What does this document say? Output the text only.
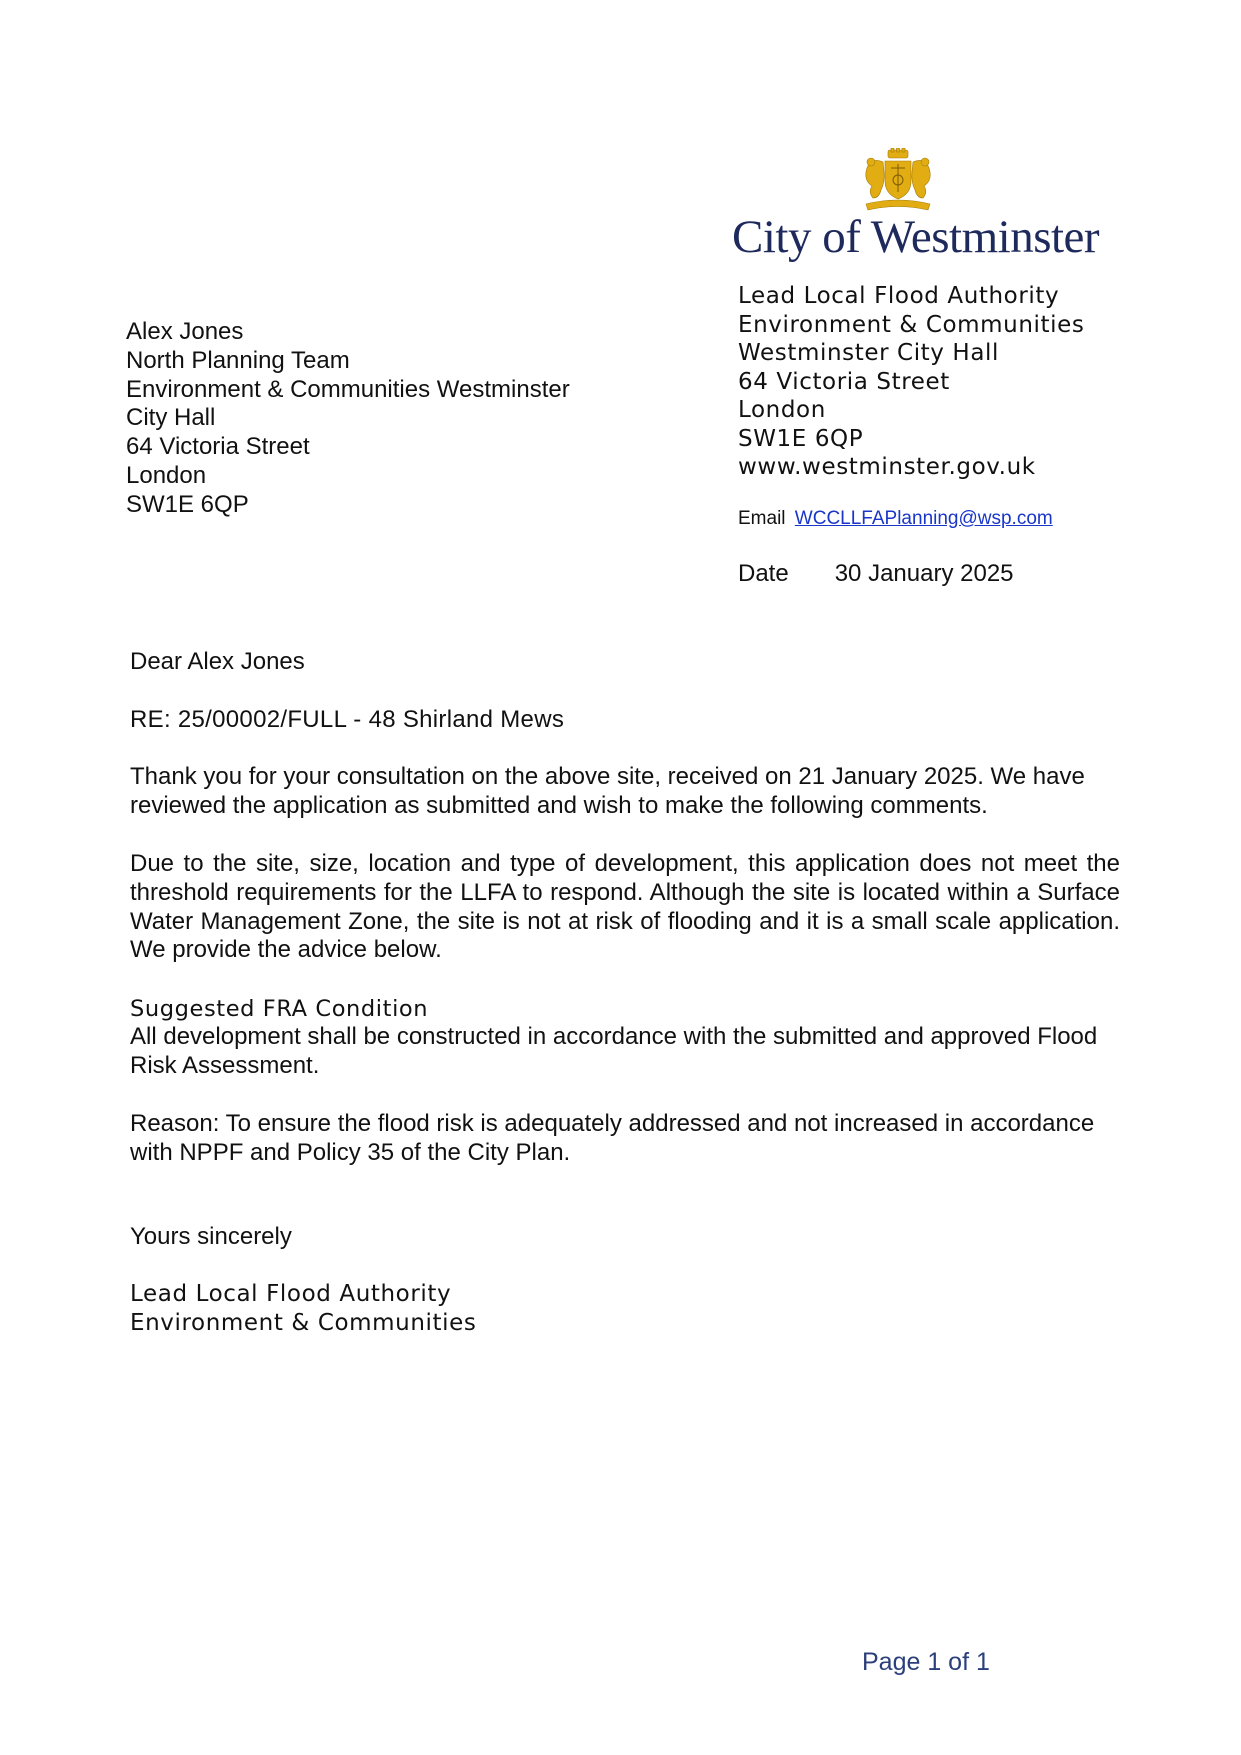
City of Westminster
Lead Local Flood Authority
Environment & Communities
Westminster City Hall
64 Victoria Street
London
SW1E 6QP
www.westminster.gov.uk
Email WCCLLFAPlanning@wsp.com
Date 30 January 2025
Alex Jones
North Planning Team
Environment & Communities Westminster
City Hall
64 Victoria Street
London
SW1E 6QP
Dear Alex Jones
RE: 25/00002/FULL - 48 Shirland Mews
Thank you for your consultation on the above site, received on 21 January 2025. We have reviewed the application as submitted and wish to make the following comments.
Due to the site, size, location and type of development, this application does not meet the threshold requirements for the LLFA to respond. Although the site is located within a Surface Water Management Zone, the site is not at risk of flooding and it is a small scale application. We provide the advice below.
Suggested FRA Condition
All development shall be constructed in accordance with the submitted and approved Flood Risk Assessment.
Reason: To ensure the flood risk is adequately addressed and not increased in accordance with NPPF and Policy 35 of the City Plan.
Yours sincerely
Lead Local Flood Authority
Environment & Communities
Page 1 of 1
